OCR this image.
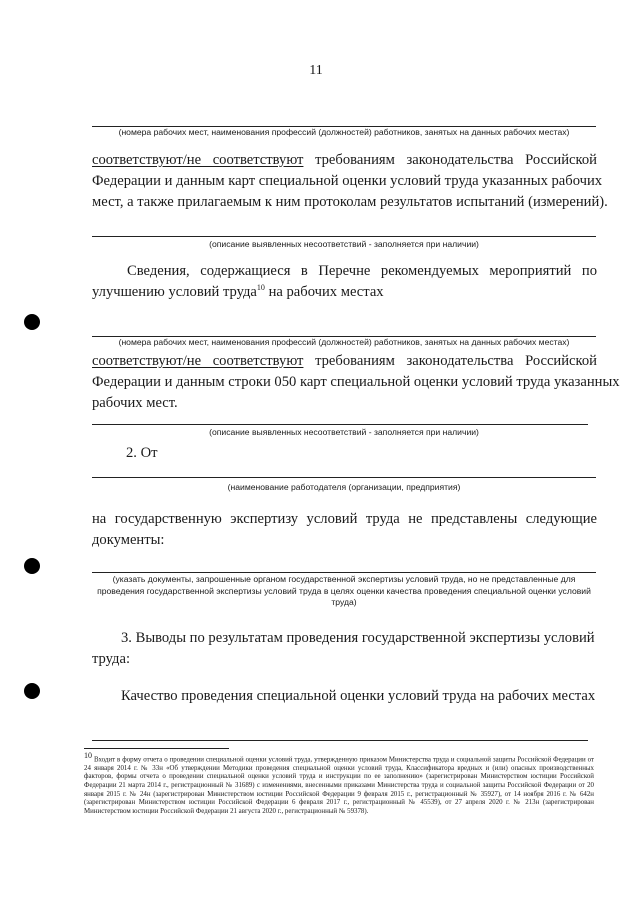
11
(номера рабочих мест, наименования профессий (должностей) работников, занятых на данных рабочих местах)
соответствуют/не соответствуют требованиям законодательства Российской
Федерации и данным карт специальной оценки условий труда указанных рабочих
мест, а также прилагаемым к ним протоколам результатов испытаний (измерений).
(описание выявленных несоответствий - заполняется при наличии)
Сведения, содержащиеся в Перечне рекомендуемых мероприятий по
улучшению условий труда$^{10}$ на рабочих местах
(номера рабочих мест, наименования профессий (должностей) работников, занятых на данных рабочих местах)
соответствуют/не соответствуют требованиям законодательства Российской
Федерации и данным строки 050 карт специальной оценки условий труда указанных
рабочих мест.
(описание выявленных несоответствий - заполняется при наличии)
2. От
(наименование работодателя (организации, предприятия)
на государственную экспертизу условий труда не представлены следующие
документы:
(указать документы, запрошенные органом государственной экспертизы условий труда, но не представленные для проведения государственной экспертизы условий труда в целях оценки качества проведения специальной оценки условий труда)
3. Выводы по результатам проведения государственной экспертизы условий
труда:
Качество проведения специальной оценки условий труда на рабочих местах
$^{10}$ Входит в форму отчета о проведении специальной оценки условий труда, утвержденную приказом Министерства труда и социальной защиты Российской Федерации от 24 января 2014 г. № 33н «Об утверждении Методики проведения специальной оценки условий труда, Классификатора вредных и (или) опасных производственных факторов, формы отчета о проведении специальной оценки условий труда и инструкции по ее заполнению» (зарегистрирован Министерством юстиции Российской Федерации 21 марта 2014 г., регистрационный № 31689) с изменениями, внесенными приказами Министерства труда и социальной защиты Российской Федерации от 20 января 2015 г. № 24н (зарегистрирован Министерством юстиции Российской Федерации 9 февраля 2015 г., регистрационный № 35927), от 14 ноября 2016 г. № 642н (зарегистрирован Министерством юстиции Российской Федерации 6 февраля 2017 г., регистрационный № 45539), от 27 апреля 2020 г. № 213н (зарегистрирован Министерством юстиции Российской Федерации 21 августа 2020 г., регистрационный № 59378).
